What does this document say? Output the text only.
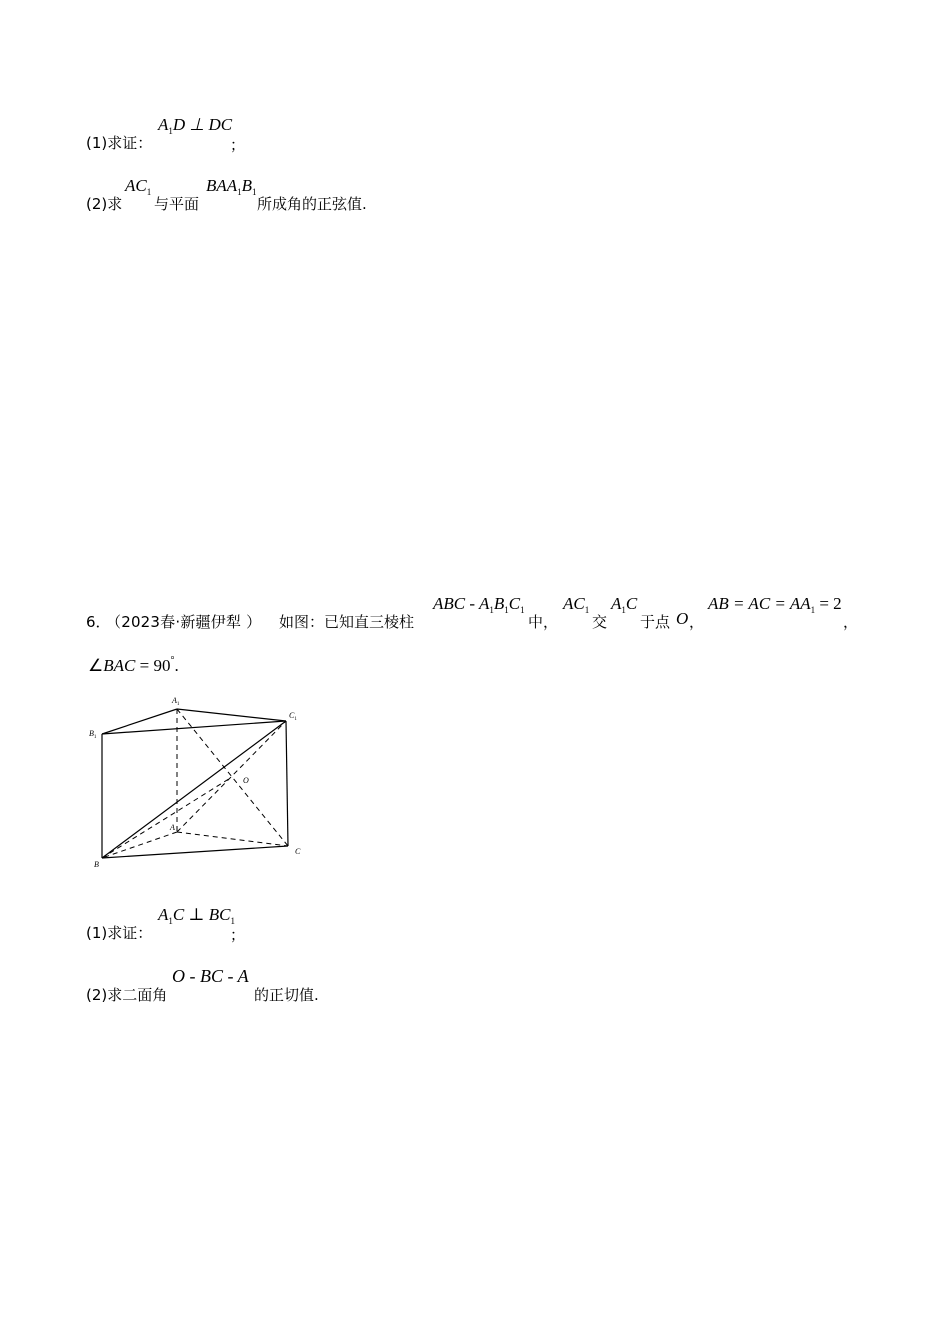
(1)求证：
$A_1D$ ⊥ DC
；
(2)求
$AC_1$
与平面
$BAA_1B_1$
所成角的正弦值.
6．
（2023春·新疆伊犁 ） 如图：已知直三棱柱
ABC - $A_1B_1C_1$
中，
$AC_1$
交
$A_1C$
于点 O ，
AB = AC = $AA_1 = 2$
，
∠BAC = 90°.
$A_1$
$B_1$
$C_1$
O
A
B
C
(1)求证：
$A_1C$ ⊥ $BC_1$
；
(2)求二面角
O - BC - A
的正切值.
